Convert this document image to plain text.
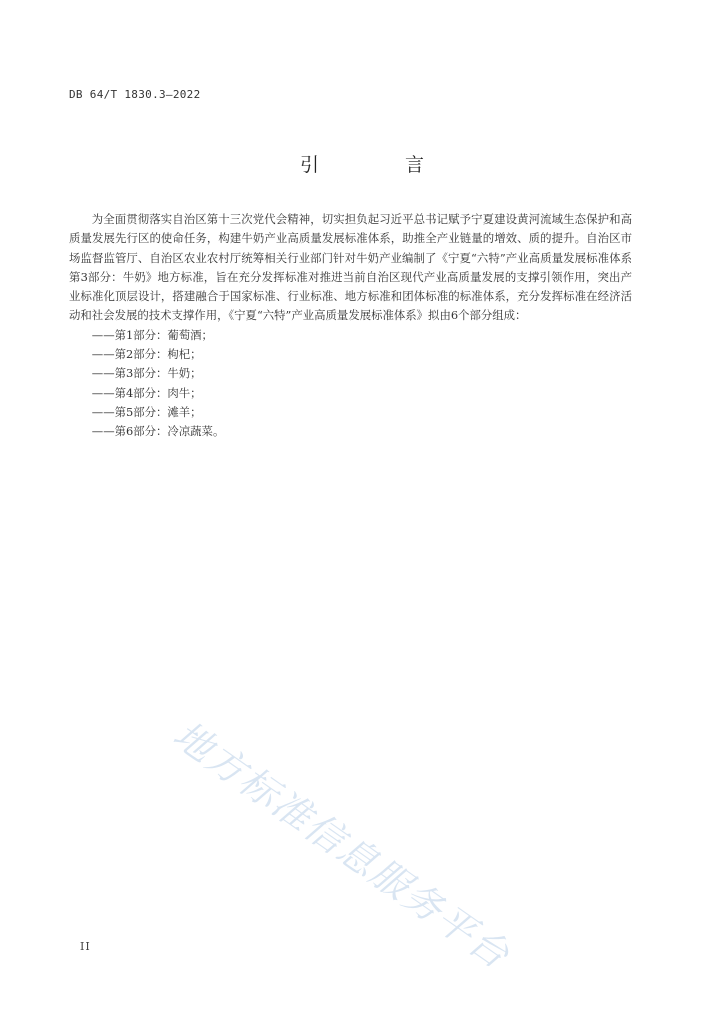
DB 64/T 1830.3—2022
引 言

为全面贯彻落实自治区第十三次党代会精神，切实担负起习近平总书记赋予宁夏建设黄河流域生态保护和高质量发展先行区的使命任务，构建牛奶产业高质量发展标准体系，助推全产业链量的增效、质的提升。自治区市场监督监管厅、自治区农业农村厅统筹相关行业部门针对牛奶产业编制了《宁夏“六特”产业高质量发展标准体系 第3部分：牛奶》地方标准，旨在充分发挥标准对推进当前自治区现代产业高质量发展的支撑引领作用，突出产业标准化顶层设计，搭建融合于国家标准、行业标准、地方标准和团体标准的标准体系，充分发挥标准在经济活动和社会发展的技术支撑作用，《宁夏“六特”产业高质量发展标准体系》拟由6个部分组成：

——第1部分：葡萄酒；
——第2部分：枸杞；
——第3部分：牛奶；
——第4部分：肉牛；
——第5部分：滩羊；
——第6部分：冷凉蔬菜。
地方标准信息服务平台
II
